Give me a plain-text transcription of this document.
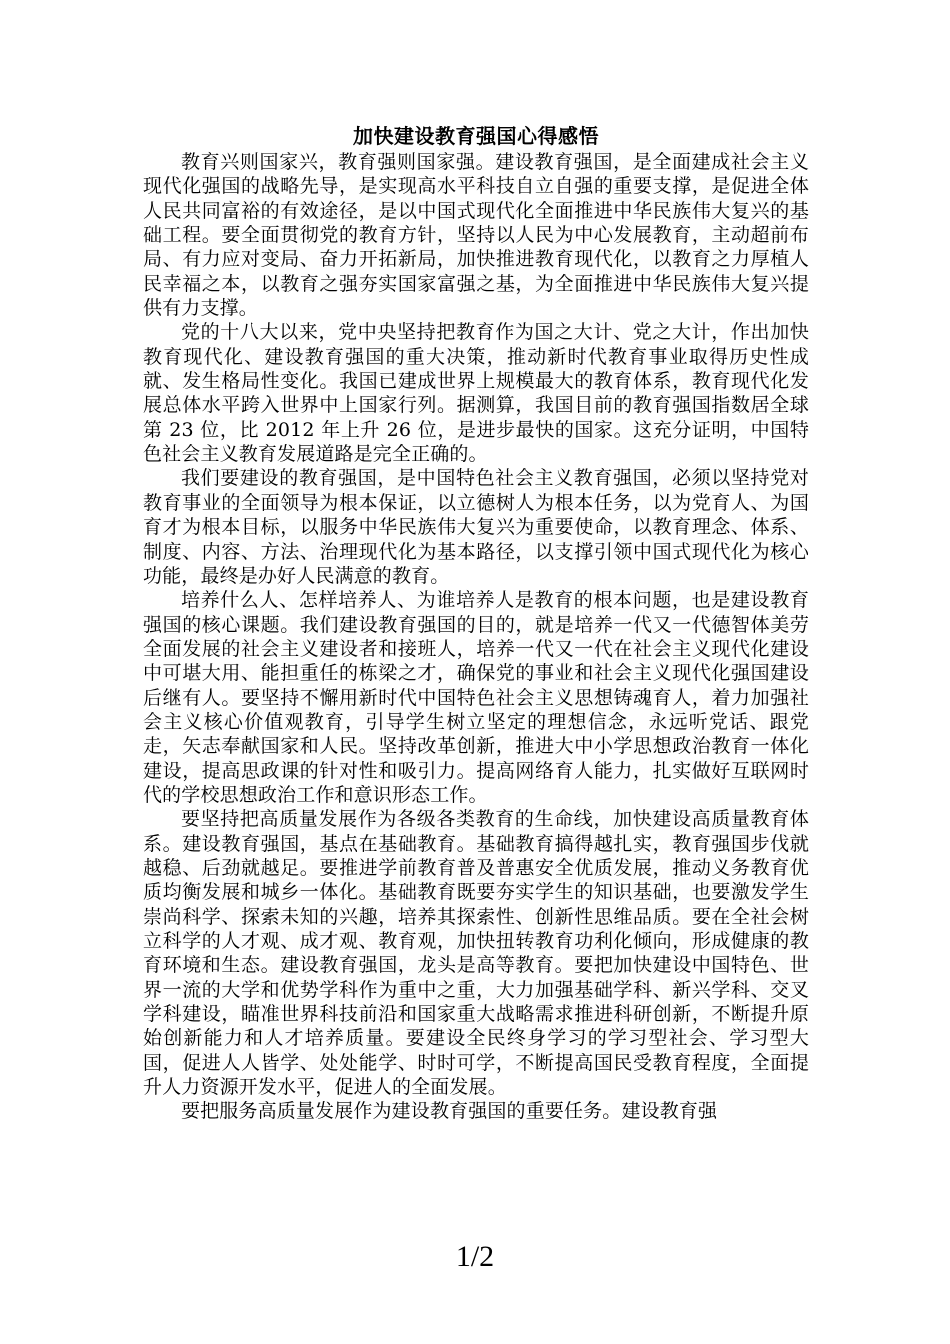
加快建设教育强国心得感悟

教育兴则国家兴，教育强则国家强。建设教育强国，是全面建成社会主义现代化强国的战略先导，是实现高水平科技自立自强的重要支撑，是促进全体人民共同富裕的有效途径，是以中国式现代化全面推进中华民族伟大复兴的基础工程。要全面贯彻党的教育方针，坚持以人民为中心发展教育，主动超前布局、有力应对变局、奋力开拓新局，加快推进教育现代化，以教育之力厚植人民幸福之本，以教育之强夯实国家富强之基，为全面推进中华民族伟大复兴提供有力支撑。

党的十八大以来，党中央坚持把教育作为国之大计、党之大计，作出加快教育现代化、建设教育强国的重大决策，推动新时代教育事业取得历史性成就、发生格局性变化。我国已建成世界上规模最大的教育体系，教育现代化发展总体水平跨入世界中上国家行列。据测算，我国目前的教育强国指数居全球第 23 位，比 2012 年上升 26 位，是进步最快的国家。这充分证明，中国特色社会主义教育发展道路是完全正确的。

我们要建设的教育强国，是中国特色社会主义教育强国，必须以坚持党对教育事业的全面领导为根本保证，以立德树人为根本任务，以为党育人、为国育才为根本目标，以服务中华民族伟大复兴为重要使命，以教育理念、体系、制度、内容、方法、治理现代化为基本路径，以支撑引领中国式现代化为核心功能，最终是办好人民满意的教育。

培养什么人、怎样培养人、为谁培养人是教育的根本问题，也是建设教育强国的核心课题。我们建设教育强国的目的，就是培养一代又一代德智体美劳全面发展的社会主义建设者和接班人，培养一代又一代在社会主义现代化建设中可堪大用、能担重任的栋梁之才，确保党的事业和社会主义现代化强国建设后继有人。要坚持不懈用新时代中国特色社会主义思想铸魂育人，着力加强社会主义核心价值观教育，引导学生树立坚定的理想信念，永远听党话、跟党走，矢志奉献国家和人民。坚持改革创新，推进大中小学思想政治教育一体化建设，提高思政课的针对性和吸引力。提高网络育人能力，扎实做好互联网时代的学校思想政治工作和意识形态工作。

要坚持把高质量发展作为各级各类教育的生命线，加快建设高质量教育体系。建设教育强国，基点在基础教育。基础教育搞得越扎实，教育强国步伐就越稳、后劲就越足。要推进学前教育普及普惠安全优质发展，推动义务教育优质均衡发展和城乡一体化。基础教育既要夯实学生的知识基础，也要激发学生崇尚科学、探索未知的兴趣，培养其探索性、创新性思维品质。要在全社会树立科学的人才观、成才观、教育观，加快扭转教育功利化倾向，形成健康的教育环境和生态。建设教育强国，龙头是高等教育。要把加快建设中国特色、世界一流的大学和优势学科作为重中之重，大力加强基础学科、新兴学科、交叉学科建设，瞄准世界科技前沿和国家重大战略需求推进科研创新，不断提升原始创新能力和人才培养质量。要建设全民终身学习的学习型社会、学习型大国，促进人人皆学、处处能学、时时可学，不断提高国民受教育程度，全面提升人力资源开发水平，促进人的全面发展。

要把服务高质量发展作为建设教育强国的重要任务。建设教育强

1/2
